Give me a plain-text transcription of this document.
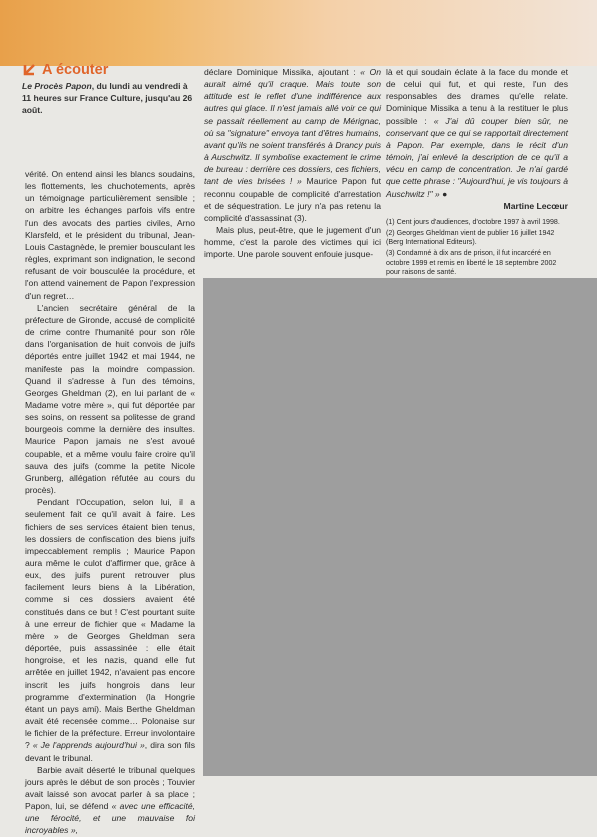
A écouter
Le Procès Papon, du lundi au vendredi à 11 heures sur France Culture, jusqu'au 26 août.

vérité. On entend ainsi les blancs soudains, les flottements, les chuchotements, après un témoignage particulièrement sensible ; on arbitre les échanges parfois vifs entre l'un des avocats des parties civiles, Arno Klarsfeld, et le président du tribunal, Jean-Louis Castagnède, le premier bousculant les règles, exprimant son indignation, le second refusant de voir bousculée la procédure, et l'on attend vainement de Papon l'expression d'un regret…

L'ancien secrétaire général de la préfecture de Gironde, accusé de complicité de crime contre l'humanité pour son rôle dans l'organisation de huit convois de juifs déportés entre juillet 1942 et mai 1944, ne manifeste pas la moindre compassion. Quand il s'adresse à l'un des témoins, Georges Gheldman (2), en lui parlant de « Madame votre mère », qui fut déportée par ses soins, on ressent sa politesse de grand bourgeois comme la dernière des insultes. Maurice Papon jamais ne s'est avoué coupable, et a même voulu faire croire qu'il sauva des juifs (comme la petite Nicole Grunberg, allégation réfutée au cours du procès).

Pendant l'Occupation, selon lui, il a seulement fait ce qu'il avait à faire. Les fichiers de ses services étaient bien tenus, les dossiers de confiscation des biens juifs impeccablement remplis ; Maurice Papon aura même le culot d'affirmer que, grâce à eux, des juifs purent retrouver plus facilement leurs biens à la Libération, comme si ces dossiers avaient été constitués dans ce but ! C'est pourtant suite à une erreur de fichier que « Madame la mère » de Georges Gheldman sera déportée, puis assassinée : elle était hongroise, et les nazis, quand elle fut arrêtée en juillet 1942, n'avaient pas encore inscrit les juifs hongrois dans leur programme d'extermination (la Hongrie étant un pays ami). Mais Berthe Gheldman avait été recensée comme… Polonaise sur le fichier de la préfecture. Erreur involontaire ? « Je l'apprends aujourd'hui », dira son fils devant le tribunal.

Barbie avait déserté le tribunal quelques jours après le début de son procès ; Touvier avait laissé son avocat parler à sa place ; Papon, lui, se défend « avec une efficacité, une férocité, et une mauvaise foi incroyables »,

déclare Dominique Missika, ajoutant : « On aurait aimé qu'il craque. Mais toute son attitude est le reflet d'une indifférence aux autres qui glace. Il n'est jamais allé voir ce qui se passait réellement au camp de Mérignac, où sa "signature" envoya tant d'êtres humains, avant qu'ils ne soient transférés à Drancy puis à Auschwitz. Il symbolise exactement le crime de bureau : derrière ces dossiers, ces fichiers, tant de vies brisées ! » Maurice Papon fut reconnu coupable de complicité d'arrestation et de séquestration. Le jury n'a pas retenu la complicité d'assassinat (3).

Mais plus, peut-être, que le jugement d'un homme, c'est la parole des victimes qui ici importe. Une parole souvent enfouie jusque-

là et qui soudain éclate à la face du monde et de celui qui fut, et qui reste, l'un des responsables des drames qu'elle relate. Dominique Missika a tenu à la restituer le plus possible : « J'ai dû couper bien sûr, ne conservant que ce qui se rapportait directement à Papon. Par exemple, dans le récit d'un témoin, j'ai enlevé la description de ce qu'il a vécu en camp de concentration. Je n'ai gardé que cette phrase : "Aujourd'hui, je vis toujours à Auschwitz !" » ●

Martine Lecœur

(1) Cent jours d'audiences, d'octobre 1997 à avril 1998.

(2) Georges Gheldman vient de publier 16 juillet 1942 (Berg International Editeurs).

(3) Condamné à dix ans de prison, il fut incarcéré en octobre 1999 et remis en liberté le 18 septembre 2002 pour raisons de santé.
